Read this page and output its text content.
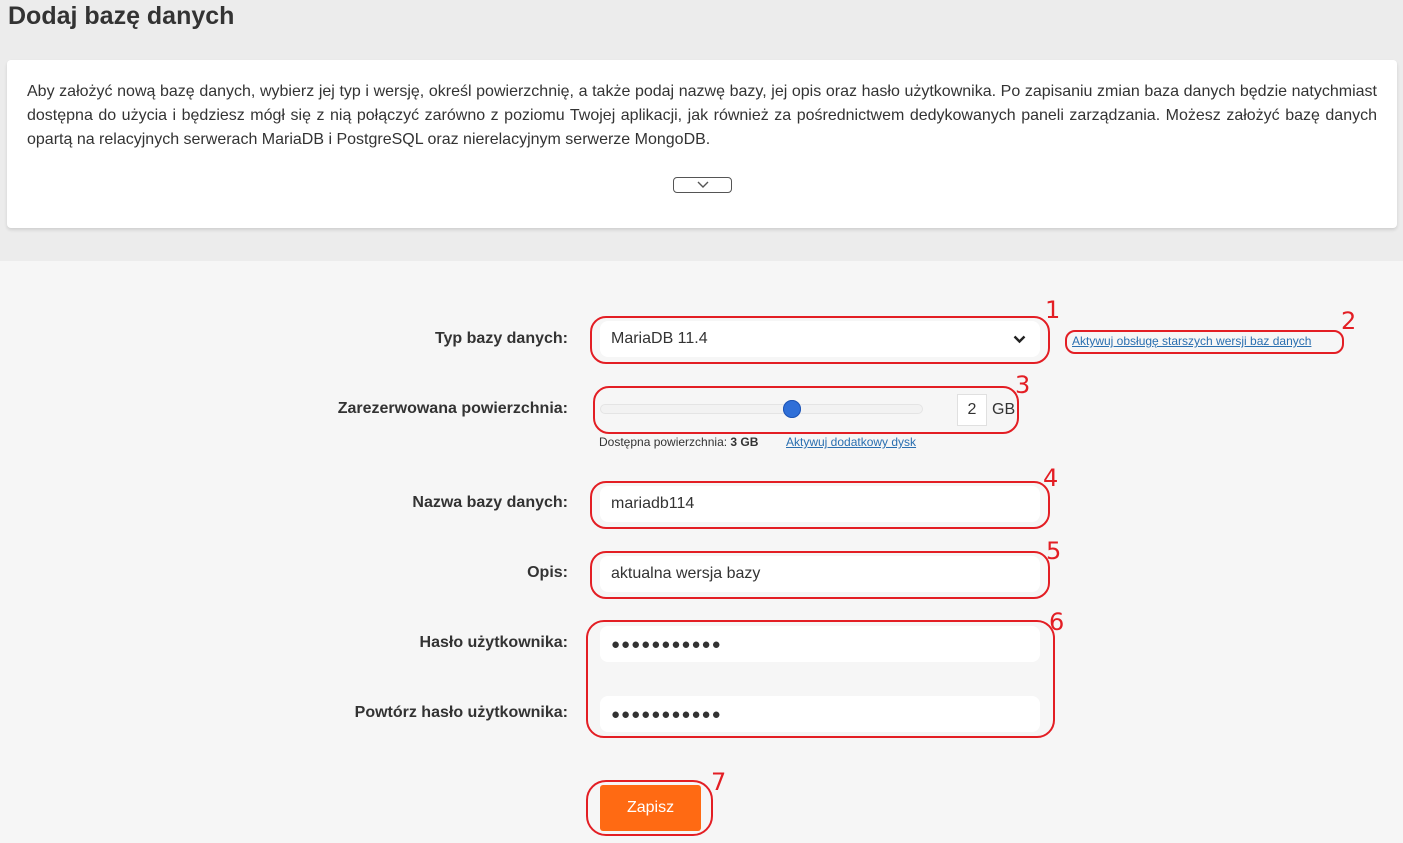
Dodaj bazę danych

Aby założyć nową bazę danych, wybierz jej typ i wersję, określ powierzchnię, a także podaj nazwę bazy, jej opis oraz hasło użytkownika. Po zapisaniu zmian baza danych będzie natychmiast dostępna do użycia i będziesz mógł się z nią połączyć zarówno z poziomu Twojej aplikacji, jak również za pośrednictwem dedykowanych paneli zarządzania. Możesz założyć bazę danych opartą na relacyjnych serwerach MariaDB i PostgreSQL oraz nierelacyjnym serwerze MongoDB.

Typ bazy danych:	MariaDB 11.4	Aktywuj obsługę starszych wersji baz danych
Zarezerwowana powierzchnia:	2 GB
Dostępna powierzchnia: 3 GB Aktywuj dodatkowy dysk
Nazwa bazy danych:	mariadb114
Opis:	aktualna wersja bazy
Hasło użytkownika:	●●●●●●●●●●●
Powtórz hasło użytkownika:	●●●●●●●●●●●
Zapisz
1	2
3
4
5
6
7
